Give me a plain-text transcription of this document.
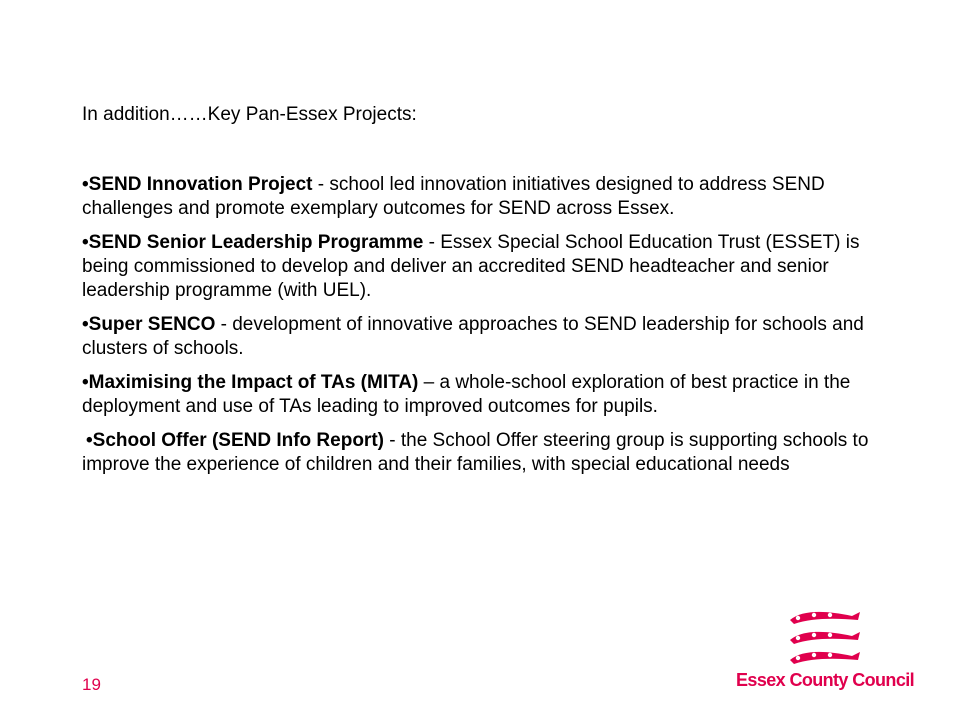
In addition……Key Pan-Essex Projects:

•SEND Innovation Project - school led innovation initiatives designed to address SEND challenges and promote exemplary outcomes for SEND across Essex.
•SEND Senior Leadership Programme - Essex Special School Education Trust (ESSET) is being commissioned to develop and deliver an accredited SEND headteacher and senior leadership programme (with UEL).
•Super SENCO - development of innovative approaches to SEND leadership for schools and clusters of schools.
•Maximising the Impact of TAs (MITA) – a whole-school exploration of best practice in the deployment and use of TAs leading to improved outcomes for pupils.
•School Offer (SEND Info Report) - the School Offer steering group is supporting schools to improve the experience of children and their families, with special educational needs
19	Essex County Council
